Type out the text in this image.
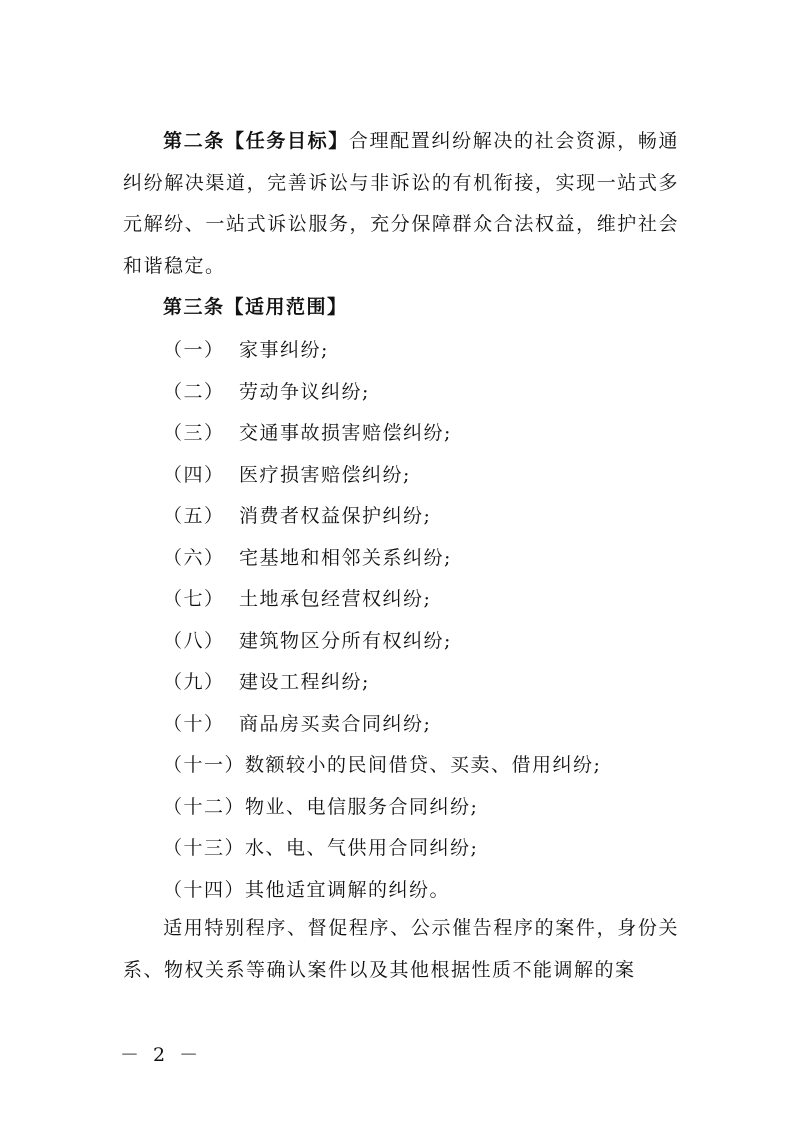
第二条【任务目标】合理配置纠纷解决的社会资源，畅通纠纷解决渠道，完善诉讼与非诉讼的有机衔接，实现一站式多元解纷、一站式诉讼服务，充分保障群众合法权益，维护社会和谐稳定。

第三条【适用范围】

（一） 家事纠纷;
（二） 劳动争议纠纷;
（三） 交通事故损害赔偿纠纷;
（四） 医疗损害赔偿纠纷;
（五） 消费者权益保护纠纷;
（六） 宅基地和相邻关系纠纷;
（七） 土地承包经营权纠纷;
（八） 建筑物区分所有权纠纷;
（九） 建设工程纠纷;
（十） 商品房买卖合同纠纷;
（十一） 数额较小的民间借贷、买卖、借用纠纷;
（十二） 物业、电信服务合同纠纷;
（十三） 水、电、气供用合同纠纷;
（十四） 其他适宜调解的纠纷。

适用特别程序、督促程序、公示催告程序的案件，身份关系、物权关系等确认案件以及其他根据性质不能调解的案

－ 2 －
